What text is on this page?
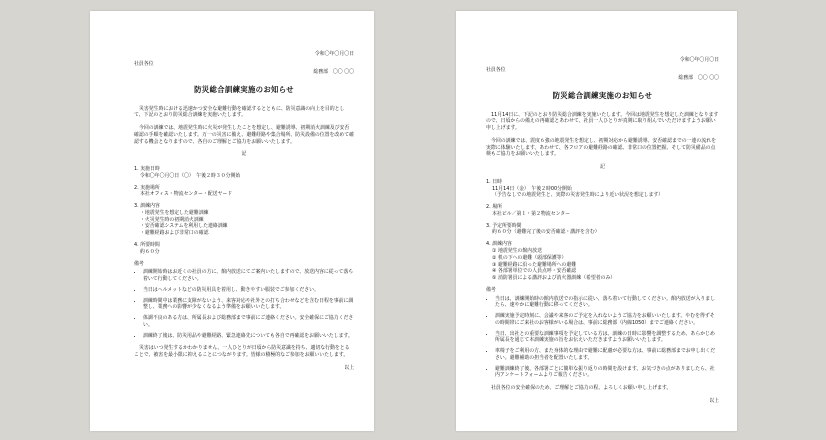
令和〇年〇月〇日
社員各位
総務部　〇〇 〇〇
防災総合訓練実施のお知らせ
災害発生時における迅速かつ安全な避難行動を確認するとともに、防災意識の向上を目的として、下記のとおり防災総合訓練を実施いたします。
今回の訓練では、地震発生時に火災が発生したことを想定し、避難誘導、初期消火訓練及び安否確認の手順を確認いたします。万一の災害に備え、避難経路や集合場所、防災設備の位置を改めて確認する機会となりますので、各自のご理解とご協力をお願いいたします。
記
1. 実施日時
令和〇年〇月〇日（〇）　午後２時３０分開始
2. 実施場所
本社オフィス・物流センター・配送ヤード
3. 訓練内容
・地震発生を想定した避難訓練
・火災発生時の初期消火訓練
・安否確認システムを利用した連絡訓練
・避難経路および非常口の確認
4. 所要時間
約６０分
備考
• 訓練開始時はお近くの社員の方に、館内放送にてご案内いたしますので、放送内容に従って落ち着いて行動してください。
• 当日はヘルメットなどの防災用具を着用し、動きやすい服装でご参加ください。
• 訓練時間中は業務に支障がないよう、来客対応や社外との打ち合わせなどを含む日程を事前に調整し、業務への影響が少なくなるよう準備をお願いいたします。
• 体調不良のある方は、所属長および総務部まで事前にご連絡ください。安全確保にご協力ください。
• 訓練終了後は、防災用品や避難経路、緊急連絡先についても各自で再確認をお願いいたします。
災害はいつ発生するかわかりません。一人ひとりが日頃から防災意識を持ち、適切な行動をとることで、被害を最小限に抑えることにつながります。皆様の積極的なご参加をお願いいたします。
以上
令和〇年〇月〇日
社員各位
総務部　〇〇 〇〇
防災総合訓練実施のお知らせ
11月14日に、下記のとおり防災総合訓練を実施いたします。今回は地震発生を想定した訓練となりますので、日頃からの備えの再確認とあわせて、社員一人ひとりが真剣に取り組んでいただけますようお願い申し上げます。
今回の訓練では、震度６強の地震発生を想定し、初期対応から避難誘導、安否確認までの一連の流れを実際に体験いたします。あわせて、各フロアの避難経路の確認、非常口の位置把握、そして防災備品の点検もご協力をお願いいたします。
記
1. 日時
11月14日（金）　午後２時00分開始
（予告なしでの地震発生と、実際の災害発生時により近い状況を想定します）
2. 場所
本社ビル／第１・第２物流センター
3. 予定所要時間
約６０分（避難完了後の安否確認・講評を含む）
4. 訓練内容
① 地震発生の館内放送
② 机の下への避難（頭部保護等）
③ 避難経路に沿った避難場所への避難
④ 各部署単位での人員点呼・安否確認
⑤ 消防署員による講評および消火器訓練（希望者のみ）
備考
• 当日は、訓練開始時の館内放送での指示に従い、落ち着いて行動してください。館内放送が入りましたら、速やかに避難行動に移ってください。
• 訓練実施予定時刻に、会議や来客のご予定を入れないようご協力をお願いいたします。やむを得ずその時間帯にご来社のお客様がいる場合は、事前に総務部（内線1050）までご連絡ください。
• 当日、出社との重要な訓練事項を予定している方は、訓練の日時に影響を調整するため、あらかじめ所属長を通じて本訓練実施の旨をお伝えいただきますようお願いいたします。
• 車椅子をご利用の方、また身体的な理由で避難に配慮が必要な方は、事前に総務部までお申し出ください。避難補助の担当者を配置いたします。
• 避難訓練終了後、各部署ごとに簡単な振り返りの時間を設けます。お気づきの点がありましたら、社内アンケートフォームよりご報告ください。
社員各位の安全確保のため、ご理解とご協力の程、よろしくお願い申し上げます。
以上
